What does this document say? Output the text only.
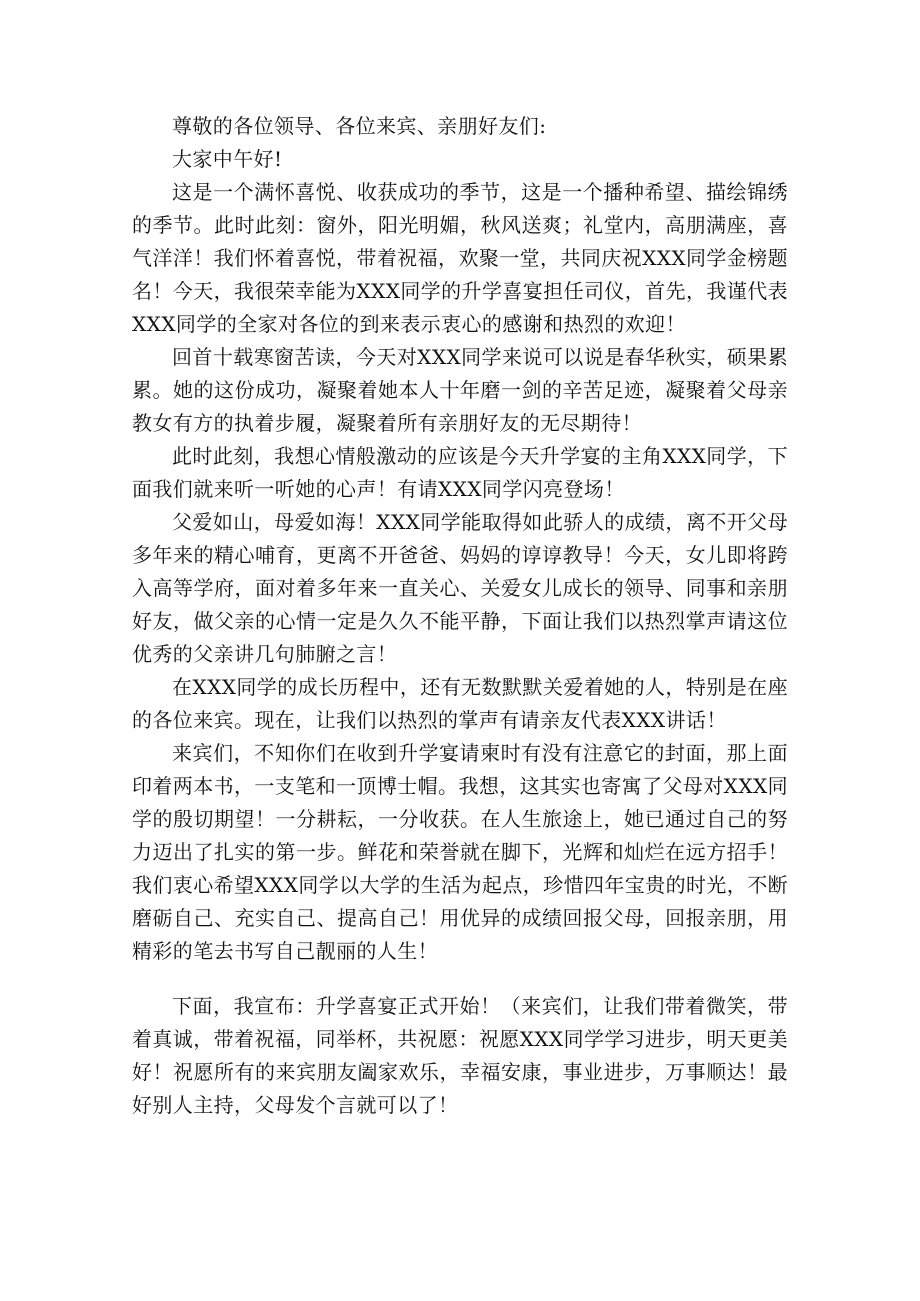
尊敬的各位领导、各位来宾、亲朋好友们:

大家中午好!

这是一个满怀喜悦、收获成功的季节，这是一个播种希望、描绘锦绣的季节。此时此刻：窗外，阳光明媚，秋风送爽；礼堂内，高朋满座，喜气洋洋！我们怀着喜悦，带着祝福，欢聚一堂，共同庆祝XXX同学金榜题名！今天，我很荣幸能为XXX同学的升学喜宴担任司仪，首先，我谨代表XXX同学的全家对各位的到来表示衷心的感谢和热烈的欢迎！

回首十载寒窗苦读，今天对XXX同学来说可以说是春华秋实，硕果累累。她的这份成功，凝聚着她本人十年磨一剑的辛苦足迹，凝聚着父母亲教女有方的执着步履，凝聚着所有亲朋好友的无尽期待！

此时此刻，我想心情般激动的应该是今天升学宴的主角XXX同学，下面我们就来听一听她的心声！有请XXX同学闪亮登场！

父爱如山，母爱如海！XXX同学能取得如此骄人的成绩，离不开父母多年来的精心哺育，更离不开爸爸、妈妈的谆谆教导！今天，女儿即将跨入高等学府，面对着多年来一直关心、关爱女儿成长的领导、同事和亲朋好友，做父亲的心情一定是久久不能平静，下面让我们以热烈掌声请这位优秀的父亲讲几句肺腑之言！

在XXX同学的成长历程中，还有无数默默关爱着她的人，特别是在座的各位来宾。现在，让我们以热烈的掌声有请亲友代表XXX讲话！

来宾们，不知你们在收到升学宴请柬时有没有注意它的封面，那上面印着两本书，一支笔和一顶博士帽。我想，这其实也寄寓了父母对XXX同学的殷切期望！一分耕耘，一分收获。在人生旅途上，她已通过自己的努力迈出了扎实的第一步。鲜花和荣誉就在脚下，光辉和灿烂在远方招手！我们衷心希望XXX同学以大学的生活为起点，珍惜四年宝贵的时光，不断磨砺自己、充实自己、提高自己！用优异的成绩回报父母，回报亲朋，用精彩的笔去书写自己靓丽的人生！

下面，我宣布：升学喜宴正式开始！（来宾们，让我们带着微笑，带着真诚，带着祝福，同举杯，共祝愿：祝愿XXX同学学习进步，明天更美好！祝愿所有的来宾朋友阖家欢乐，幸福安康，事业进步，万事顺达！最好别人主持，父母发个言就可以了！
